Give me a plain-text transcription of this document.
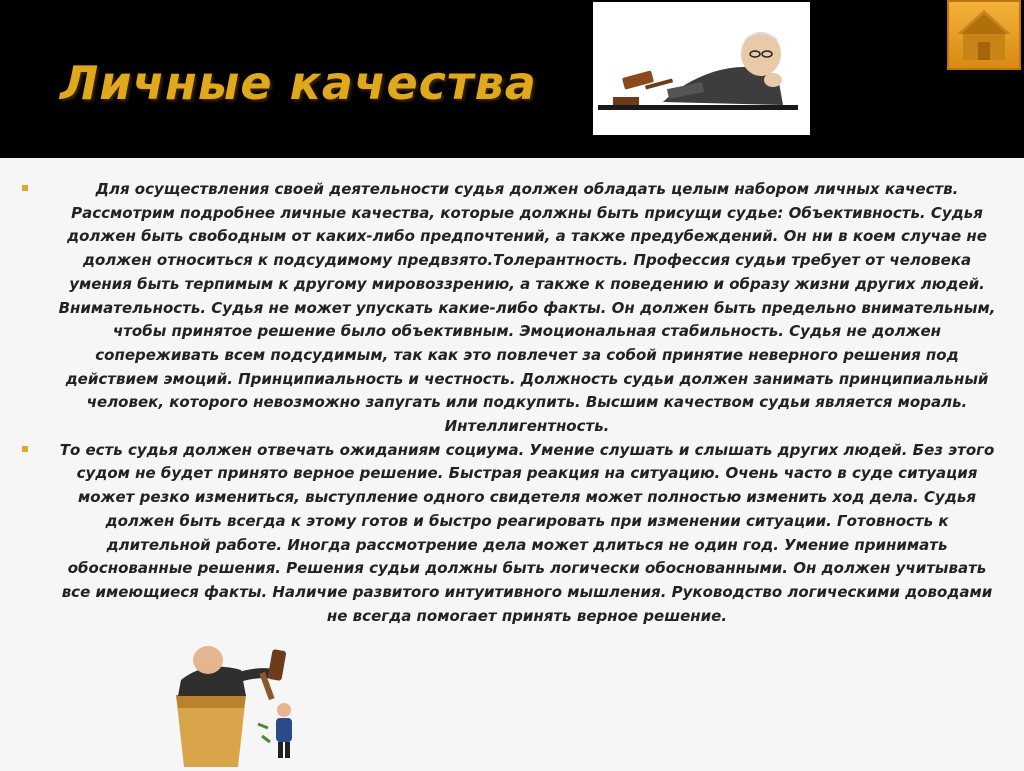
Личные качества

Для осуществления своей деятельности судья должен обладать целым набором личных качеств. Рассмотрим подробнее личные качества, которые должны быть присущи судье: Объективность. Судья должен быть свободным от каких-либо предпочтений, а также предубеждений. Он ни в коем случае не должен относиться к подсудимому предвзято.Толерантность. Профессия судьи требует от человека умения быть терпимым к другому мировоззрению, а также к поведению и образу жизни других людей. Внимательность. Судья не может упускать какие-либо факты. Он должен быть предельно внимательным, чтобы принятое решение было объективным. Эмоциональная стабильность. Судья не должен сопереживать всем подсудимым, так как это повлечет за собой принятие неверного решения под действием эмоций. Принципиальность и честность. Должность судьи должен занимать принципиальный человек, которого невозможно запугать или подкупить. Высшим качеством судьи является мораль. Интеллигентность.

То есть судья должен отвечать ожиданиям социума. Умение слушать и слышать других людей. Без этого судом не будет принято верное решение. Быстрая реакция на ситуацию. Очень часто в суде ситуация может резко измениться, выступление одного свидетеля может полностью изменить ход дела. Судья должен быть всегда к этому готов и быстро реагировать при изменении ситуации. Готовность к длительной работе. Иногда рассмотрение дела может длиться не один год. Умение принимать обоснованные решения. Решения судьи должны быть логически обоснованными. Он должен учитывать все имеющиеся факты. Наличие развитого интуитивного мышления. Руководство логическими доводами не всегда помогает принять верное решение.
